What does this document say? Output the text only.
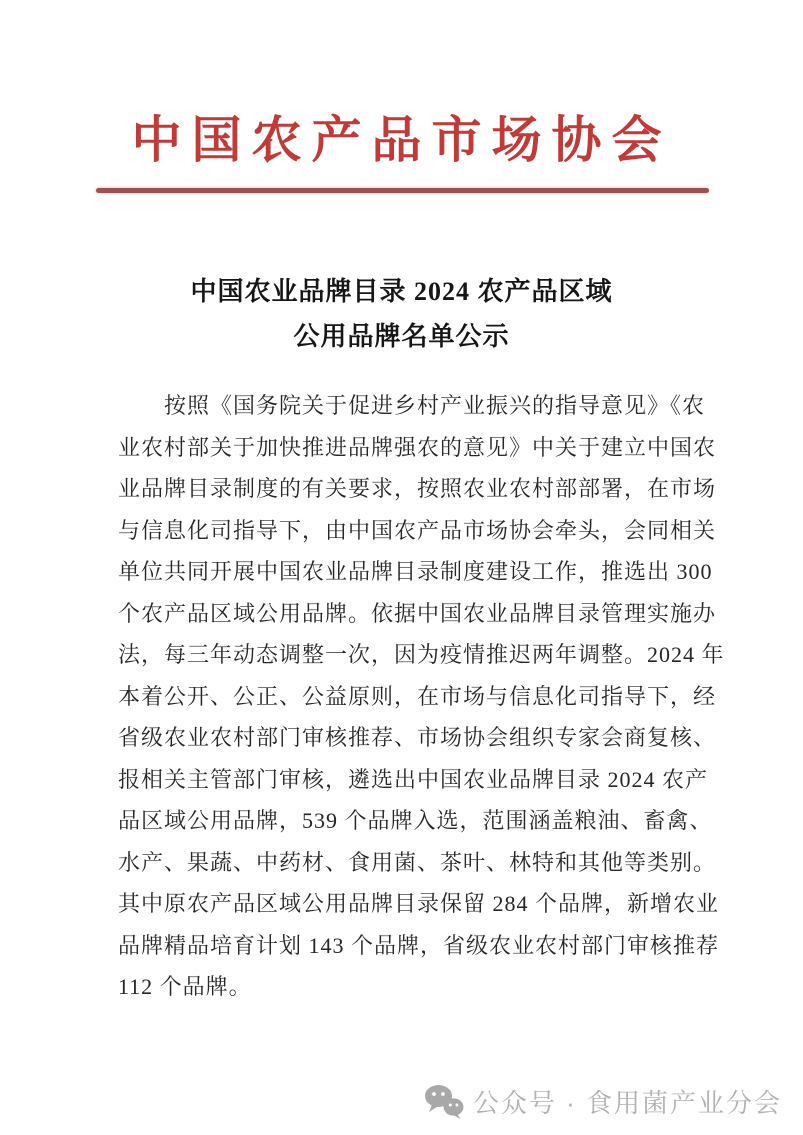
中国农产品市场协会
中国农业品牌目录 2024 农产品区域
公用品牌名单公示
按照《国务院关于促进乡村产业振兴的指导意见》《农
业农村部关于加快推进品牌强农的意见》中关于建立中国农
业品牌目录制度的有关要求，按照农业农村部部署，在市场
与信息化司指导下，由中国农产品市场协会牵头，会同相关
单位共同开展中国农业品牌目录制度建设工作，推选出 300
个农产品区域公用品牌。依据中国农业品牌目录管理实施办
法，每三年动态调整一次，因为疫情推迟两年调整。2024 年
本着公开、公正、公益原则，在市场与信息化司指导下，经
省级农业农村部门审核推荐、市场协会组织专家会商复核、
报相关主管部门审核，遴选出中国农业品牌目录 2024 农产
品区域公用品牌，539 个品牌入选，范围涵盖粮油、畜禽、
水产、果蔬、中药材、食用菌、茶叶、林特和其他等类别。
其中原农产品区域公用品牌目录保留 284 个品牌，新增农业
品牌精品培育计划 143 个品牌，省级农业农村部门审核推荐
112 个品牌。
公众号 · 食用菌产业分会
